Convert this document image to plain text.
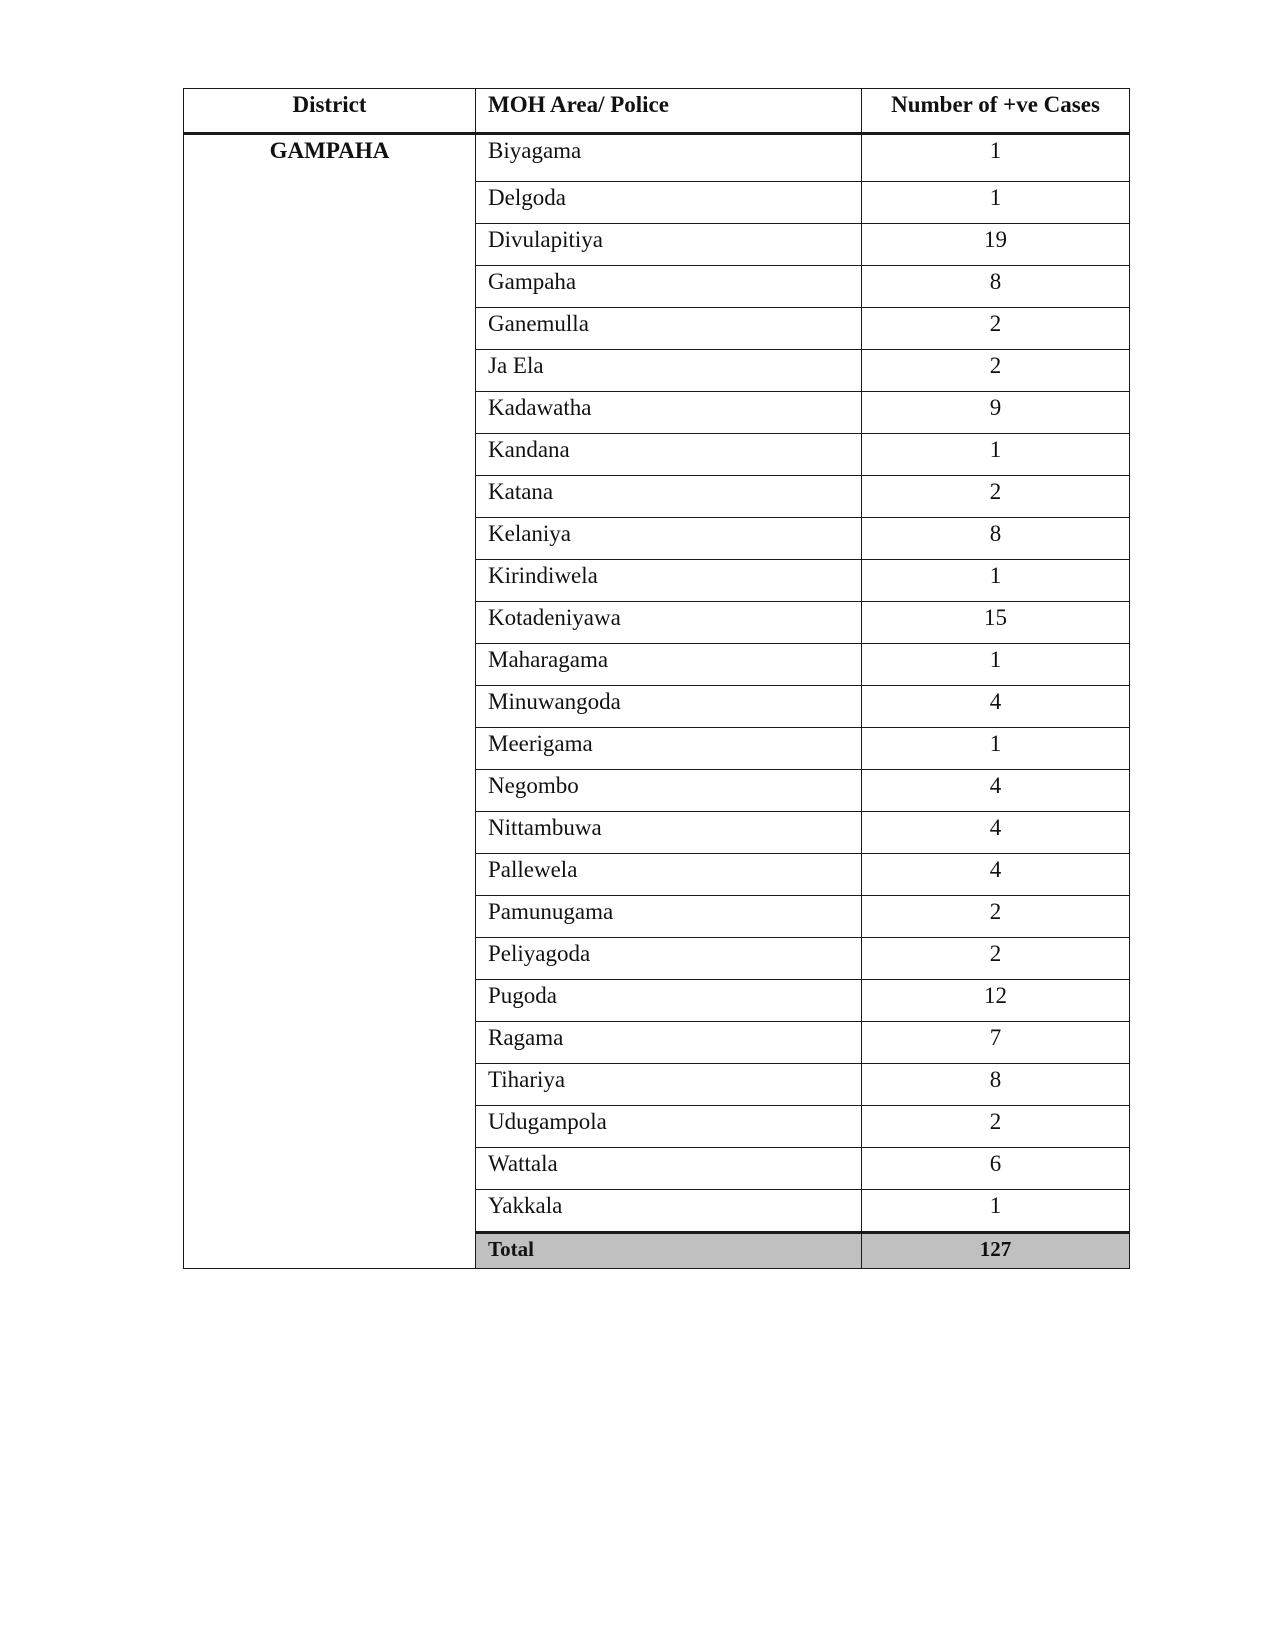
District	MOH Area/ Police	Number of +ve Cases
GAMPAHA	Biyagama	1
	Delgoda	1
	Divulapitiya	19
	Gampaha	8
	Ganemulla	2
	Ja Ela	2
	Kadawatha	9
	Kandana	1
	Katana	2
	Kelaniya	8
	Kirindiwela	1
	Kotadeniyawa	15
	Maharagama	1
	Minuwangoda	4
	Meerigama	1
	Negombo	4
	Nittambuwa	4
	Pallewela	4
	Pamunugama	2
	Peliyagoda	2
	Pugoda	12
	Ragama	7
	Tihariya	8
	Udugampola	2
	Wattala	6
	Yakkala	1
	Total	127
